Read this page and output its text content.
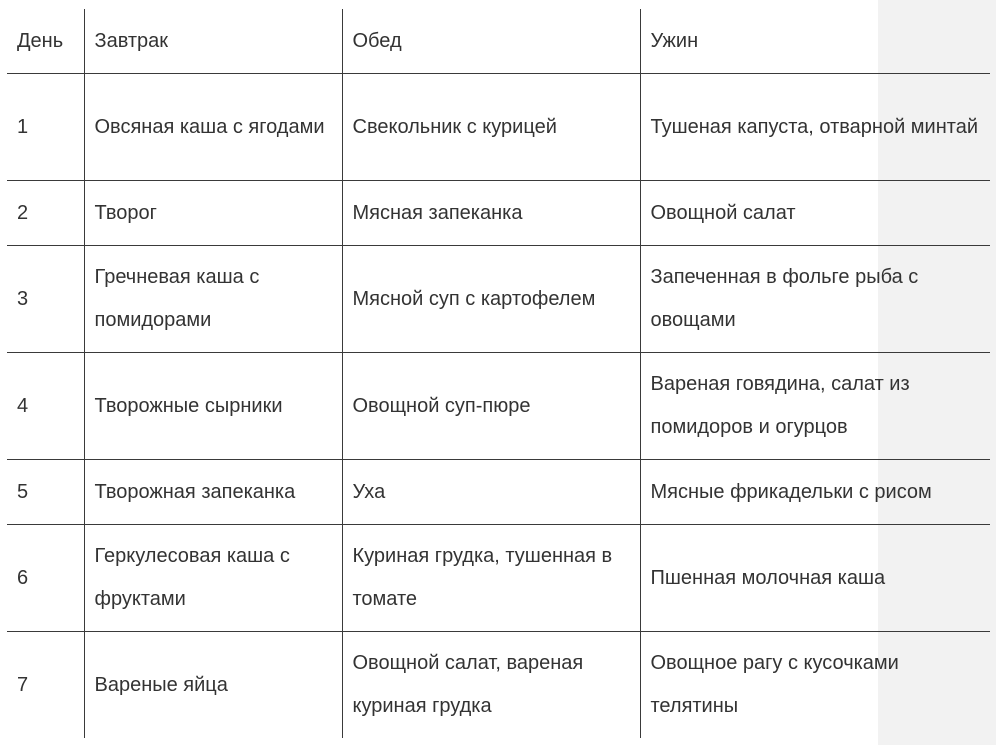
День	Завтрак	Обед	Ужин
1	Овсяная каша с ягодами	Свекольник с курицей	Тушеная капуста, отварной минтай
2	Творог	Мясная запеканка	Овощной салат
3	Гречневая каша с помидорами	Мясной суп с картофелем	Запеченная в фольге рыба с овощами
4	Творожные сырники	Овощной суп-пюре	Вареная говядина, салат из помидоров и огурцов
5	Творожная запеканка	Уха	Мясные фрикадельки с рисом
6	Геркулесовая каша с фруктами	Куриная грудка, тушенная в томате	Пшенная молочная каша
7	Вареные яйца	Овощной салат, вареная куриная грудка	Овощное рагу с кусочками телятины
